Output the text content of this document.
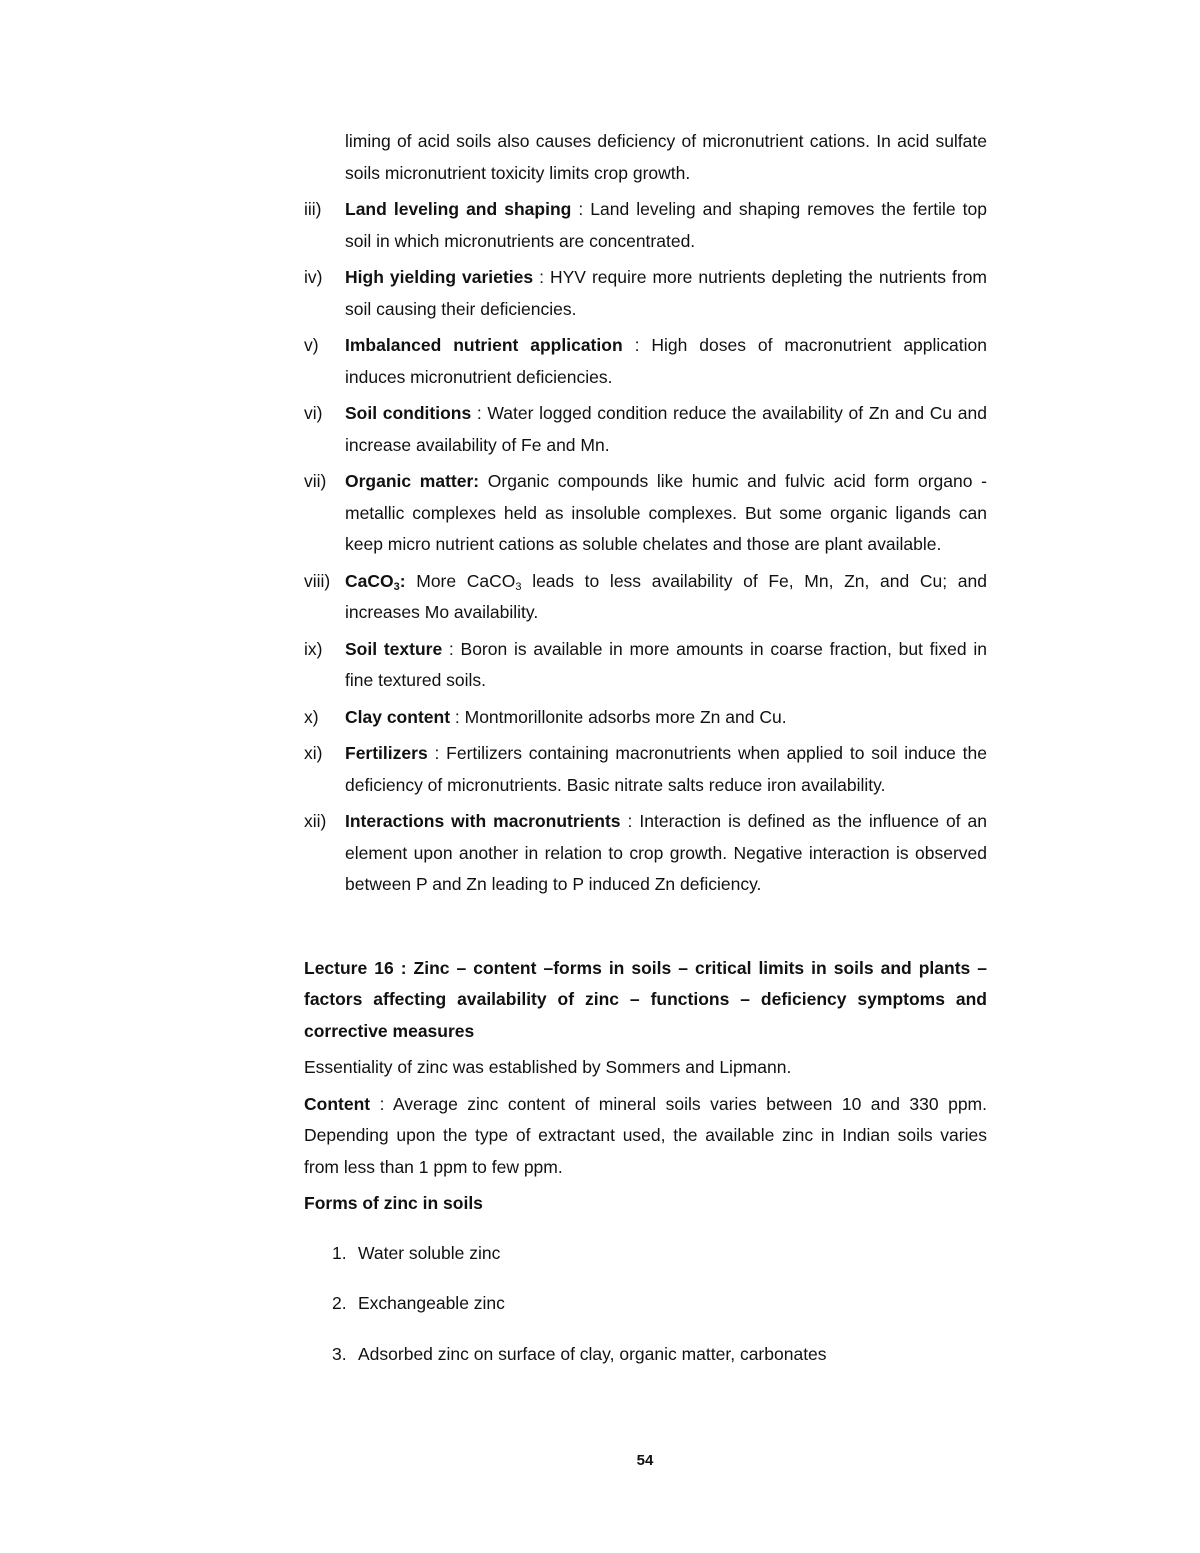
liming of acid soils also causes deficiency of micronutrient cations. In acid sulfate soils micronutrient toxicity limits crop growth.
iii)	Land leveling and shaping : Land leveling and shaping removes the fertile top soil in which micronutrients are concentrated.
iv)	High yielding varieties : HYV require more nutrients depleting the nutrients from soil causing their deficiencies.
v)	Imbalanced nutrient application : High doses of macronutrient application induces micronutrient deficiencies.
vi)	Soil conditions : Water logged condition reduce the availability of Zn and Cu and increase availability of Fe and Mn.
vii)	Organic matter: Organic compounds like humic and fulvic acid form organo - metallic complexes held as insoluble complexes. But some organic ligands can keep micro nutrient cations as soluble chelates and those are plant available.
viii) CaCO$_3$: More CaCO$_3$ leads to less availability of Fe, Mn, Zn, and Cu; and increases Mo availability.
ix)	Soil texture : Boron is available in more amounts in coarse fraction, but fixed in fine textured soils.
x)	Clay content : Montmorillonite adsorbs more Zn and Cu.
xi)	Fertilizers : Fertilizers containing macronutrients when applied to soil induce the deficiency of micronutrients. Basic nitrate salts reduce iron availability.
xii)	Interactions with macronutrients : Interaction is defined as the influence of an element upon another in relation to crop growth. Negative interaction is observed between P and Zn leading to P induced Zn deficiency.
Lecture 16 : Zinc – content –forms in soils – critical limits in soils and plants – factors affecting availability of zinc – functions – deficiency symptoms and corrective measures
Essentiality of zinc was established by Sommers and Lipmann.
Content : Average zinc content of mineral soils varies between 10 and 330 ppm. Depending upon the type of extractant used, the available zinc in Indian soils varies from less than 1 ppm to few ppm.
Forms of zinc in soils
1. Water soluble zinc
2. Exchangeable zinc
3. Adsorbed zinc on surface of clay, organic matter, carbonates
54
